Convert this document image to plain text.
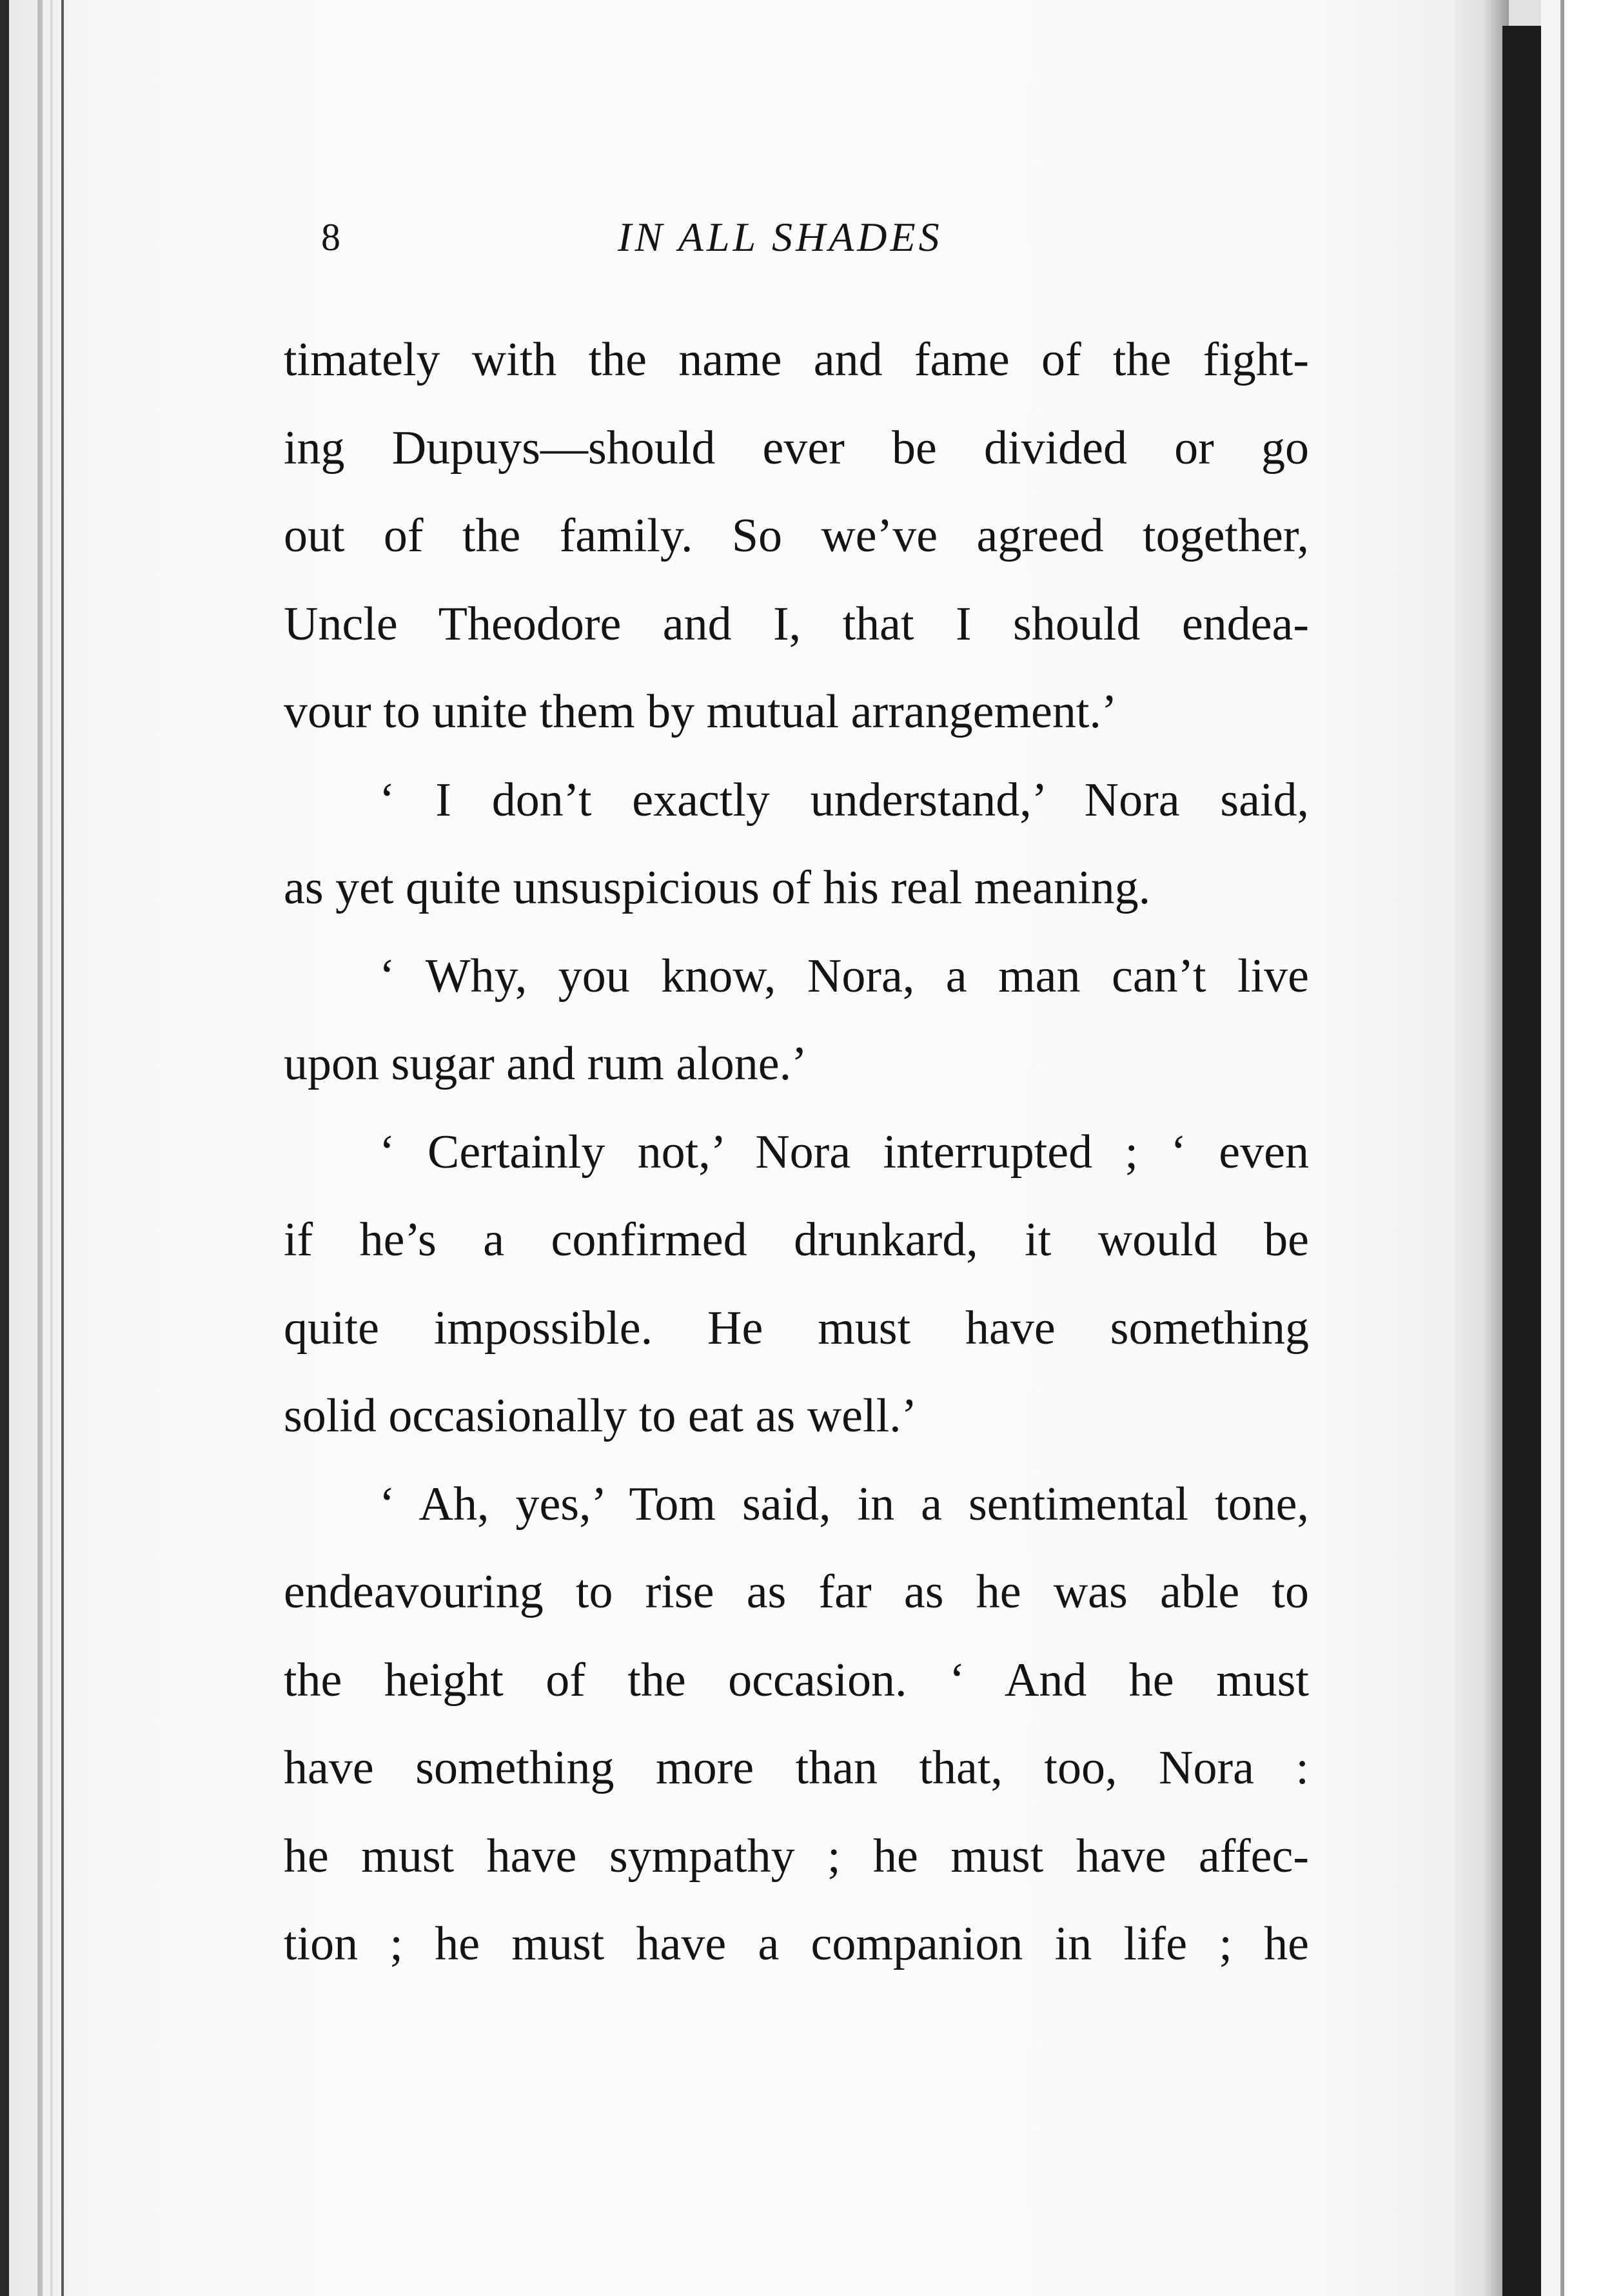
8	IN ALL SHADES
timately with the name and fame of the fight-
ing Dupuys—should ever be divided or go
out of the family. So we’ve agreed together,
Uncle Theodore and I, that I should endea-
vour to unite them by mutual arrangement.’
‘ I don’t exactly understand,’ Nora said,
as yet quite unsuspicious of his real meaning.
‘ Why, you know, Nora, a man can’t live
upon sugar and rum alone.’
‘ Certainly not,’ Nora interrupted ; ‘ even
if he’s a confirmed drunkard, it would be
quite impossible. He must have something
solid occasionally to eat as well.’
‘ Ah, yes,’ Tom said, in a sentimental tone,
endeavouring to rise as far as he was able to
the height of the occasion. ‘ And he must
have something more than that, too, Nora :
he must have sympathy ; he must have affec-
tion ; he must have a companion in life ; he
